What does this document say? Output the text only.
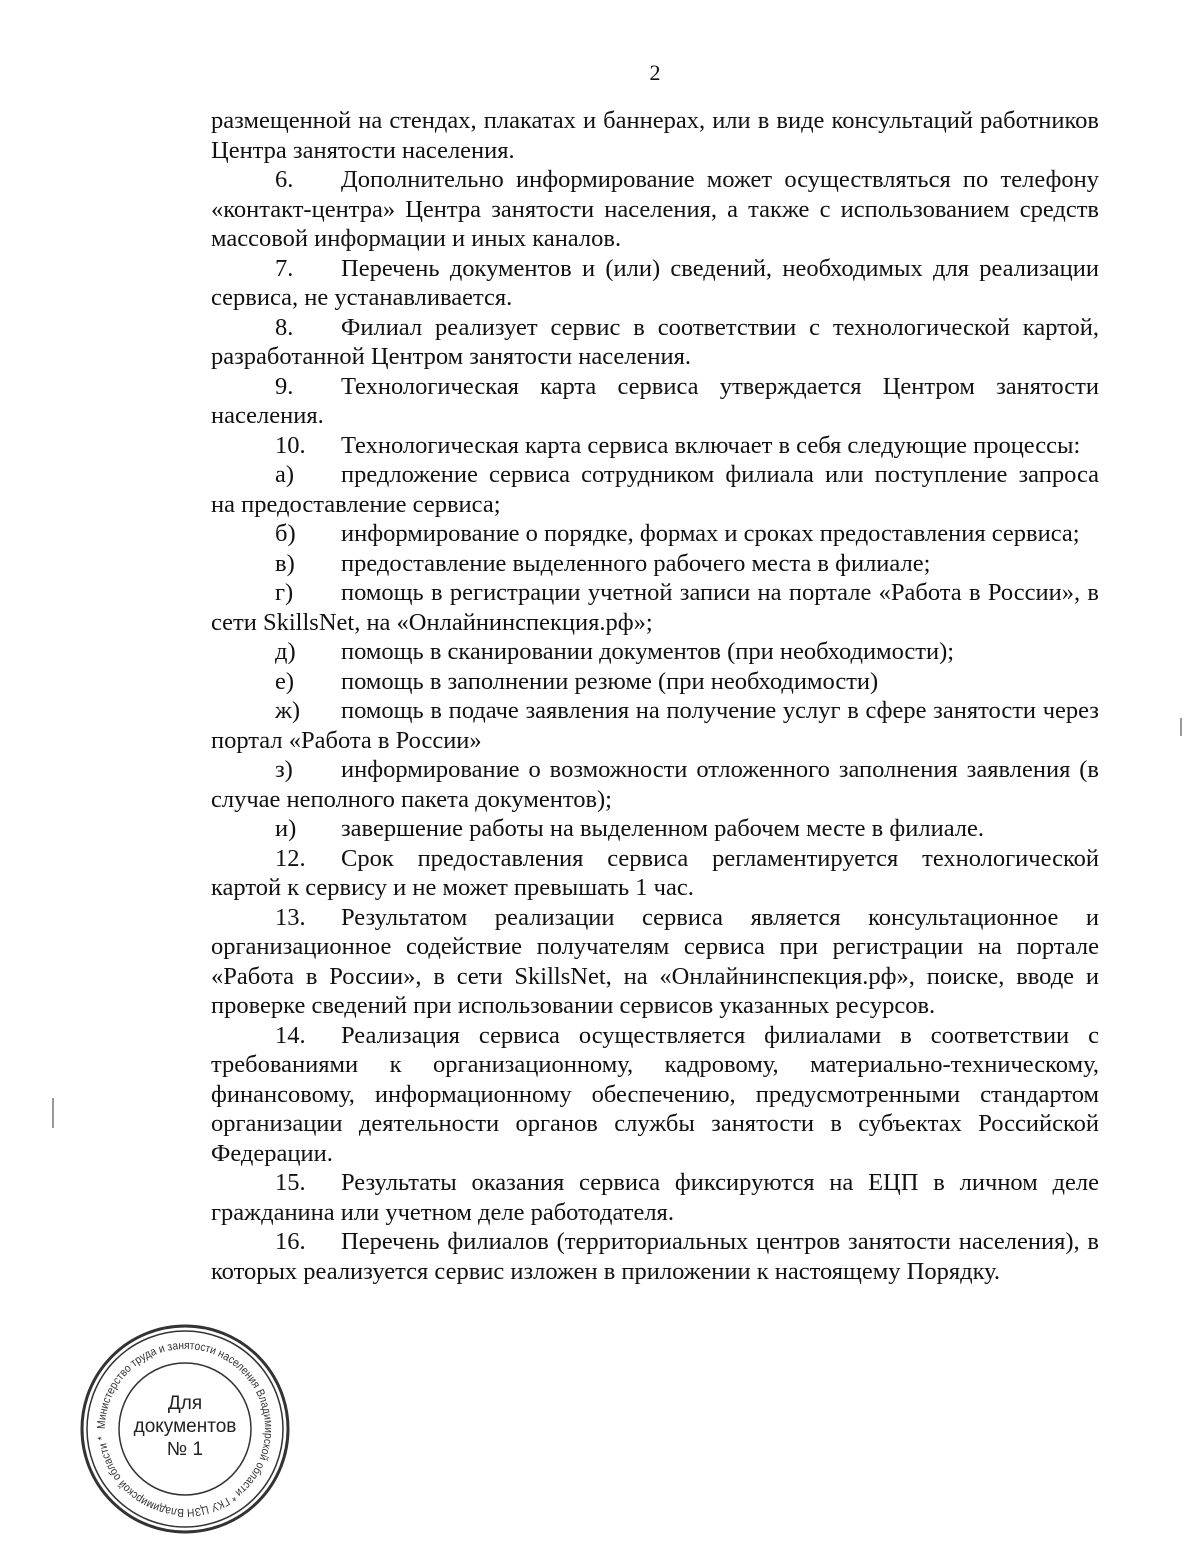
2

размещенной на стендах, плакатах и баннерах, или в виде консультаций работников Центра занятости населения.

6. Дополнительно информирование может осуществляться по телефону «контакт-центра» Центра занятости населения, а также с использованием средств массовой информации и иных каналов.

7. Перечень документов и (или) сведений, необходимых для реализации сервиса, не устанавливается.

8. Филиал реализует сервис в соответствии с технологической картой, разработанной Центром занятости населения.

9. Технологическая карта сервиса утверждается Центром занятости населения.

10. Технологическая карта сервиса включает в себя следующие процессы:

а) предложение сервиса сотрудником филиала или поступление запроса на предоставление сервиса;

б) информирование о порядке, формах и сроках предоставления сервиса;

в) предоставление выделенного рабочего места в филиале;

г) помощь в регистрации учетной записи на портале «Работа в России», в сети SkillsNet, на «Онлайнинспекция.рф»;

д) помощь в сканировании документов (при необходимости);

е) помощь в заполнении резюме (при необходимости)

ж) помощь в подаче заявления на получение услуг в сфере занятости через портал «Работа в России»

з) информирование о возможности отложенного заполнения заявления (в случае неполного пакета документов);

и) завершение работы на выделенном рабочем месте в филиале.

12. Срок предоставления сервиса регламентируется технологической картой к сервису и не может превышать 1 час.

13. Результатом реализации сервиса является консультационное и организационное содействие получателям сервиса при регистрации на портале «Работа в России», в сети SkillsNet, на «Онлайнинспекция.рф», поиске, вводе и проверке сведений при использовании сервисов указанных ресурсов.

14. Реализация сервиса осуществляется филиалами в соответствии с требованиями к организационному, кадровому, материально-техническому, финансовому, информационному обеспечению, предусмотренными стандартом организации деятельности органов службы занятости в субъектах Российской Федерации.

15. Результаты оказания сервиса фиксируются на ЕЦП в личном деле гражданина или учетном деле работодателя.

16. Перечень филиалов (территориальных центров занятости населения), в которых реализуется сервис изложен в приложении к настоящему Порядку.

Министерство труда и занятости населения Владимирской области * ГКУ ЦЗН Владимирской области *
Для
документов
№ 1
